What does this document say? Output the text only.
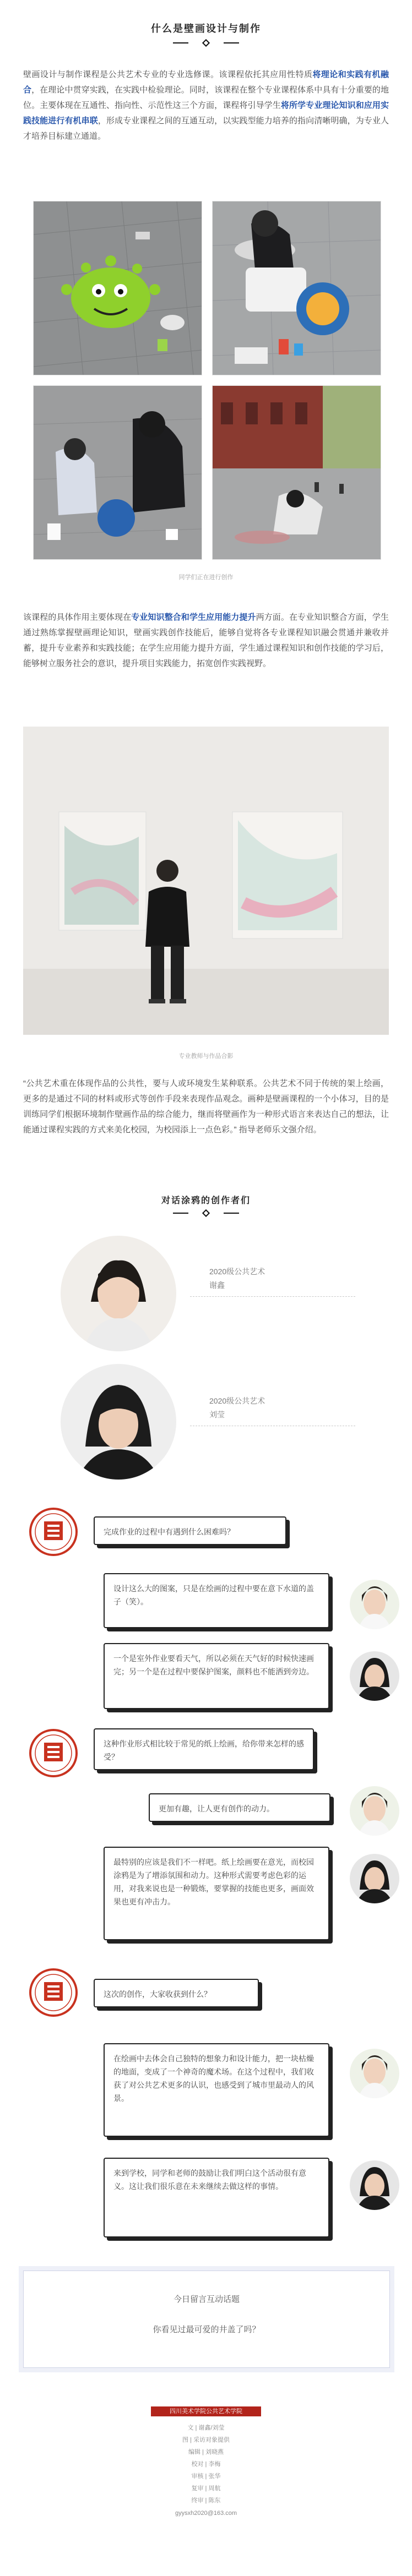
什么是壁画设计与制作

壁画设计与制作课程是公共艺术专业的专业选修课。该课程依托其应用性特质将理论和实践有机融合，在理论中贯穿实践，在实践中检验理论。同时，该课程在整个专业课程体系中具有十分重要的地位。主要体现在互通性、指向性、示范性这三个方面，课程将引导学生将所学专业理论知识和应用实践技能进行有机串联，形成专业课程之间的互通互动，以实践型能力培养的指向清晰明确，为专业人才培养目标建立通道。

同学们正在进行创作

该课程的具体作用主要体现在专业知识整合和学生应用能力提升两方面。在专业知识整合方面，学生通过熟练掌握壁画理论知识，壁画实践创作技能后，能够自觉将各专业课程知识融会贯通并兼收并蓄，提升专业素养和实践技能；在学生应用能力提升方面，学生通过课程知识和创作技能的学习后，能够树立服务社会的意识，提升项目实践能力，拓宽创作实践视野。

专业教师与作品合影

“公共艺术重在体现作品的公共性，要与人或环境发生某种联系。公共艺术不同于传统的架上绘画，更多的是通过不同的材料或形式等创作手段来表现作品观念。画种是壁画课程的一个小体习，目的是训练同学们根据环境制作壁画作品的综合能力，继而将壁画作为一种形式语言来表达自己的想法，让能通过课程实践的方式来美化校园，为校园添上一点色彩。” 指导老师乐文强介绍。

对话涂鸦的创作者们
2020级公共艺术
谢鑫
2020级公共艺术
刘莹
完成作业的过程中有遇到什么困难吗？
设计这么大的图案，只是在绘画的过程中要在意下水道的盖子（笑）。
一个是室外作业要看天气，所以必须在天气好的时候快速画完；另一个是在过程中要保护图案，颜料也不能洒到旁边。
这种作业形式相比较于常见的纸上绘画，给你带来怎样的感受？
更加有趣，让人更有创作的动力。
最特别的应该是我们不一样吧。纸上绘画要在意光，而校园涂鸦是为了增添氛围和动力。这种形式需要考虑色彩的运用，对我来说也是一种锻炼，要掌握的技能也更多，画面效果也更有冲击力。
这次的创作，大家收获到什么？
在绘画中去体会自己独特的想象力和设计能力，把一块枯燥的地面，变成了一个神奇的魔术场。在这个过程中，我们收获了对公共艺术更多的认识，也感受到了城市里最动人的风景。
来到学校，同学和老师的鼓励让我们明白这个活动很有意义。这让我们很乐意在未来继续去做这样的事情。
今日留言互动话题
你看见过最可爱的井盖了吗？
四川美术学院公共艺术学院
文 | 谢鑫/刘莹
图 | 采访对象提供
编辑 | 刘晓燕
校对 | 李梅
审核 | 张华
复审 | 周航
终审 | 陈东
gyysxh2020@163.com
